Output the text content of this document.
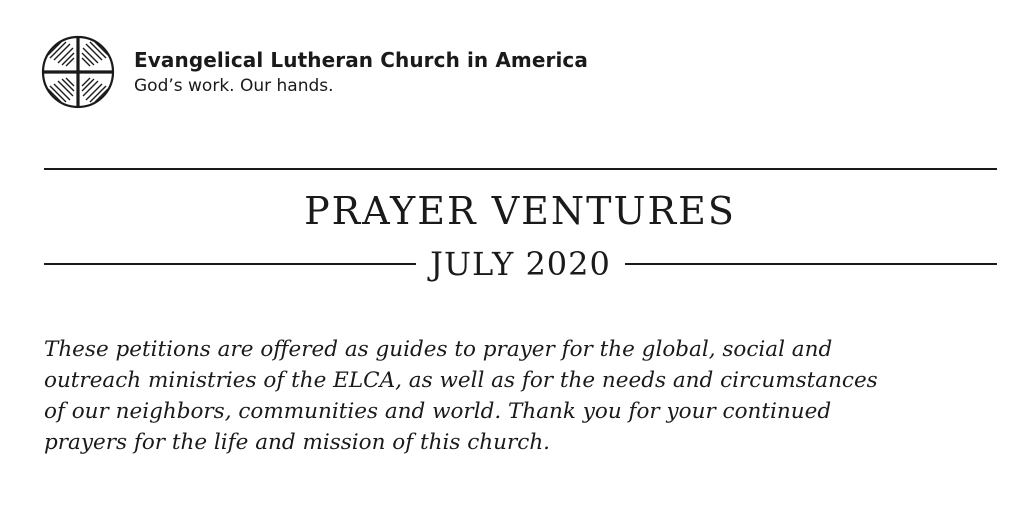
Evangelical Lutheran Church in America
God’s work. Our hands.
PRAYER VENTURES
JULY 2020

These petitions are offered as guides to prayer for the global, social and
outreach ministries of the ELCA, as well as for the needs and circumstances
of our neighbors, communities and world. Thank you for your continued
prayers for the life and mission of this church.
